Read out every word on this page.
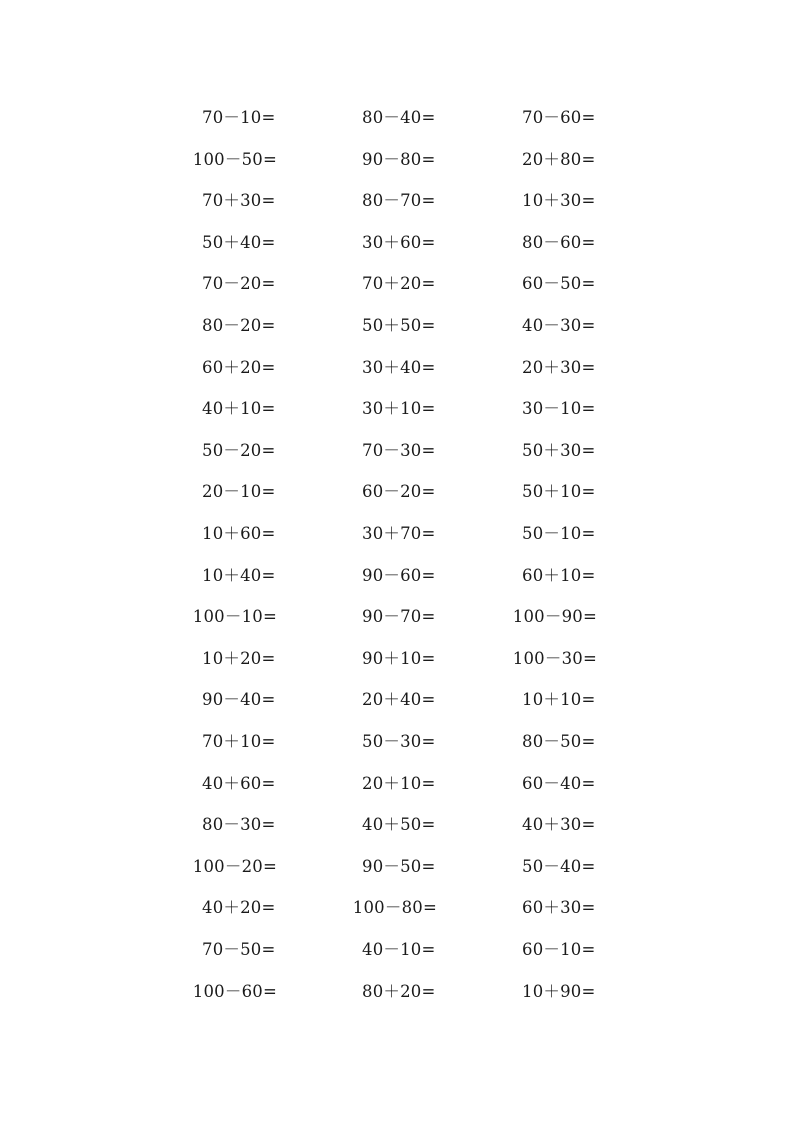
70－10=	80－40=	70－60=
100－50=	90－80=	20＋80=
70＋30=	80－70=	10＋30=
50＋40=	30＋60=	80－60=
70－20=	70＋20=	60－50=
80－20=	50＋50=	40－30=
60＋20=	30＋40=	20＋30=
40＋10=	30＋10=	30－10=
50－20=	70－30=	50＋30=
20－10=	60－20=	50＋10=
10＋60=	30＋70=	50－10=
10＋40=	90－60=	60＋10=
100－10=	90－70=	100－90=
10＋20=	90＋10=	100－30=
90－40=	20＋40=	10＋10=
70＋10=	50－30=	80－50=
40＋60=	20＋10=	60－40=
80－30=	40＋50=	40＋30=
100－20=	90－50=	50－40=
40＋20=	100－80=	60＋30=
70－50=	40－10=	60－10=
100－60=	80＋20=	10＋90=
